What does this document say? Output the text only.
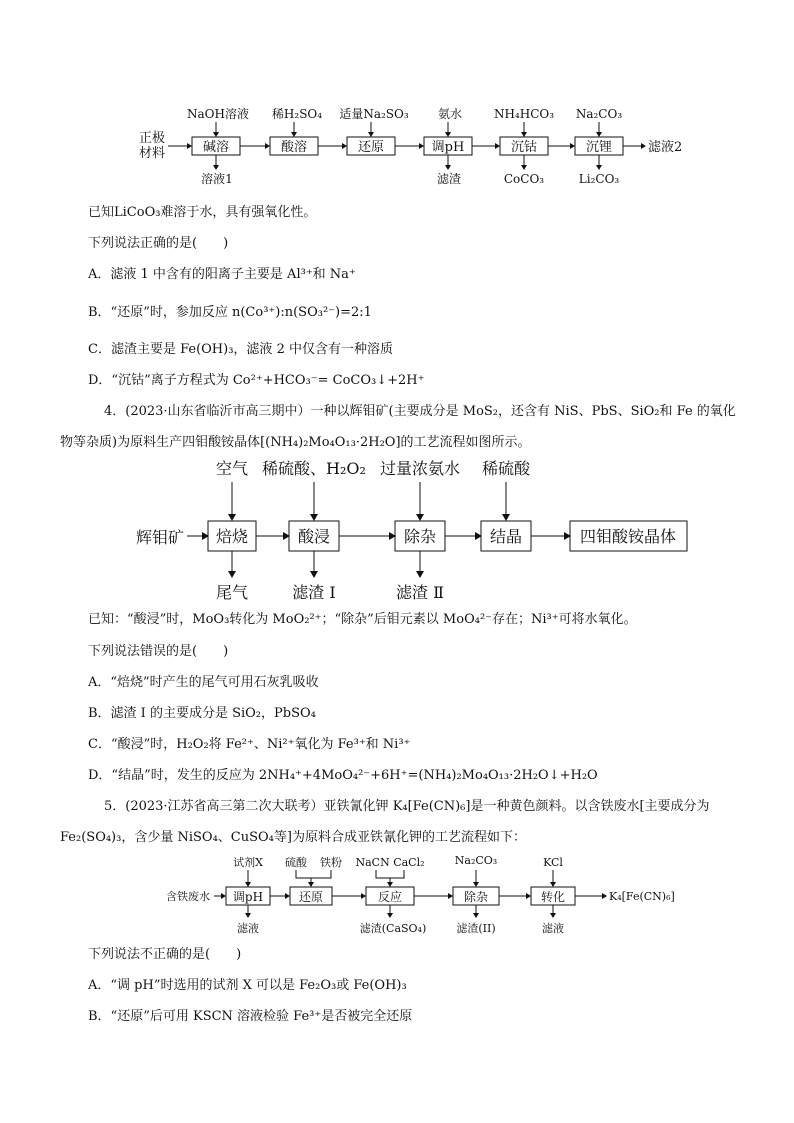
NaOH溶液 稀H₂SO₄ 适量Na₂SO₃ 氨水	NH₄HCO₃ Na₂CO₃
正极
材料	碱溶	酸溶	还原	调pH	沉钴	沉锂	滤液2
溶液1	滤渣	CoCO₃	Li₂CO₃
已知LiCoO₃难溶于水，具有强氧化性。
下列说法正确的是(　　)
A．滤液 1 中含有的阳离子主要是 Al³⁺和 Na⁺
B．“还原”时，参加反应 n(Co³⁺):n(SO₃²⁻)=2:1
C．滤渣主要是 Fe(OH)₃，滤液 2 中仅含有一种溶质
D．“沉钴”离子方程式为 Co²⁺+HCO₃⁻= CoCO₃↓+2H⁺
4．(2023·山东省临沂市高三期中）一种以辉钼矿(主要成分是 MoS₂，还含有 NiS、PbS、SiO₂和 Fe 的氧化
物等杂质)为原料生产四钼酸铵晶体[(NH₄)₂Mo₄O₁₃·2H₂O]的工艺流程如图所示。
空气 稀硫酸、H₂O₂ 过量浓氨水 稀硫酸
辉钼矿 焙烧	酸浸	除杂	结晶	四钼酸铵晶体
尾气	滤渣 Ⅰ	滤渣 Ⅱ
已知：“酸浸”时，MoO₃转化为 MoO₂²⁺；“除杂”后钼元素以 MoO₄²⁻存在；Ni³⁺可将水氧化。
下列说法错误的是(　　)
A．“焙烧”时产生的尾气可用石灰乳吸收
B．滤渣 I 的主要成分是 SiO₂，PbSO₄
C．“酸浸”时，H₂O₂将 Fe²⁺、Ni²⁺氧化为 Fe³⁺和 Ni³⁺
D．“结晶”时，发生的反应为 2NH₄⁺+4MoO₄²⁻+6H⁺=(NH₄)₂Mo₄O₁₃·2H₂O↓+H₂O
5．(2023·江苏省高三第二次大联考）亚铁氰化钾 K₄[Fe(CN)₆]是一种黄色颜料。以含铁废水[主要成分为
Fe₂(SO₄)₃，含少量 NiSO₄、CuSO₄等]为原料合成亚铁氰化钾的工艺流程如下：
试剂X 硫酸 铁粉 NaCN CaCl₂	Na₂CO₃	KCl
含铁废水 调pH	还原	反应	除杂	转化	K₄[Fe(CN)₆]
滤液	滤渣(CaSO₄)	滤渣(II)	滤液
下列说法不正确的是(　　)
A．“调 pH”时选用的试剂 X 可以是 Fe₂O₃或 Fe(OH)₃
B．“还原”后可用 KSCN 溶液检验 Fe³⁺是否被完全还原
